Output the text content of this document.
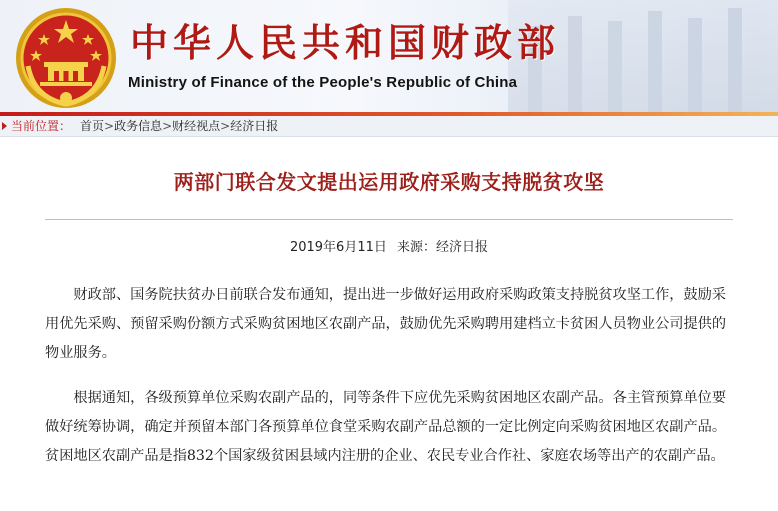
中华人民共和国财政部
Ministry of Finance of the People's Republic of China
当前位置： 首页>政务信息>财经视点>经济日报
两部门联合发文提出运用政府采购支持脱贫攻坚
2019年6月11日 来源：经济日报

财政部、国务院扶贫办日前联合发布通知，提出进一步做好运用政府采购政策支持脱贫攻坚工作，鼓励采用优先采购、预留采购份额方式采购贫困地区农副产品，鼓励优先采购聘用建档立卡贫困人员物业公司提供的物业服务。

根据通知，各级预算单位采购农副产品的，同等条件下应优先采购贫困地区农副产品。各主管预算单位要做好统筹协调，确定并预留本部门各预算单位食堂采购农副产品总额的一定比例定向采购贫困地区农副产品。贫困地区农副产品是指832个国家级贫困县域内注册的企业、农民专业合作社、家庭农场等出产的农副产品。
